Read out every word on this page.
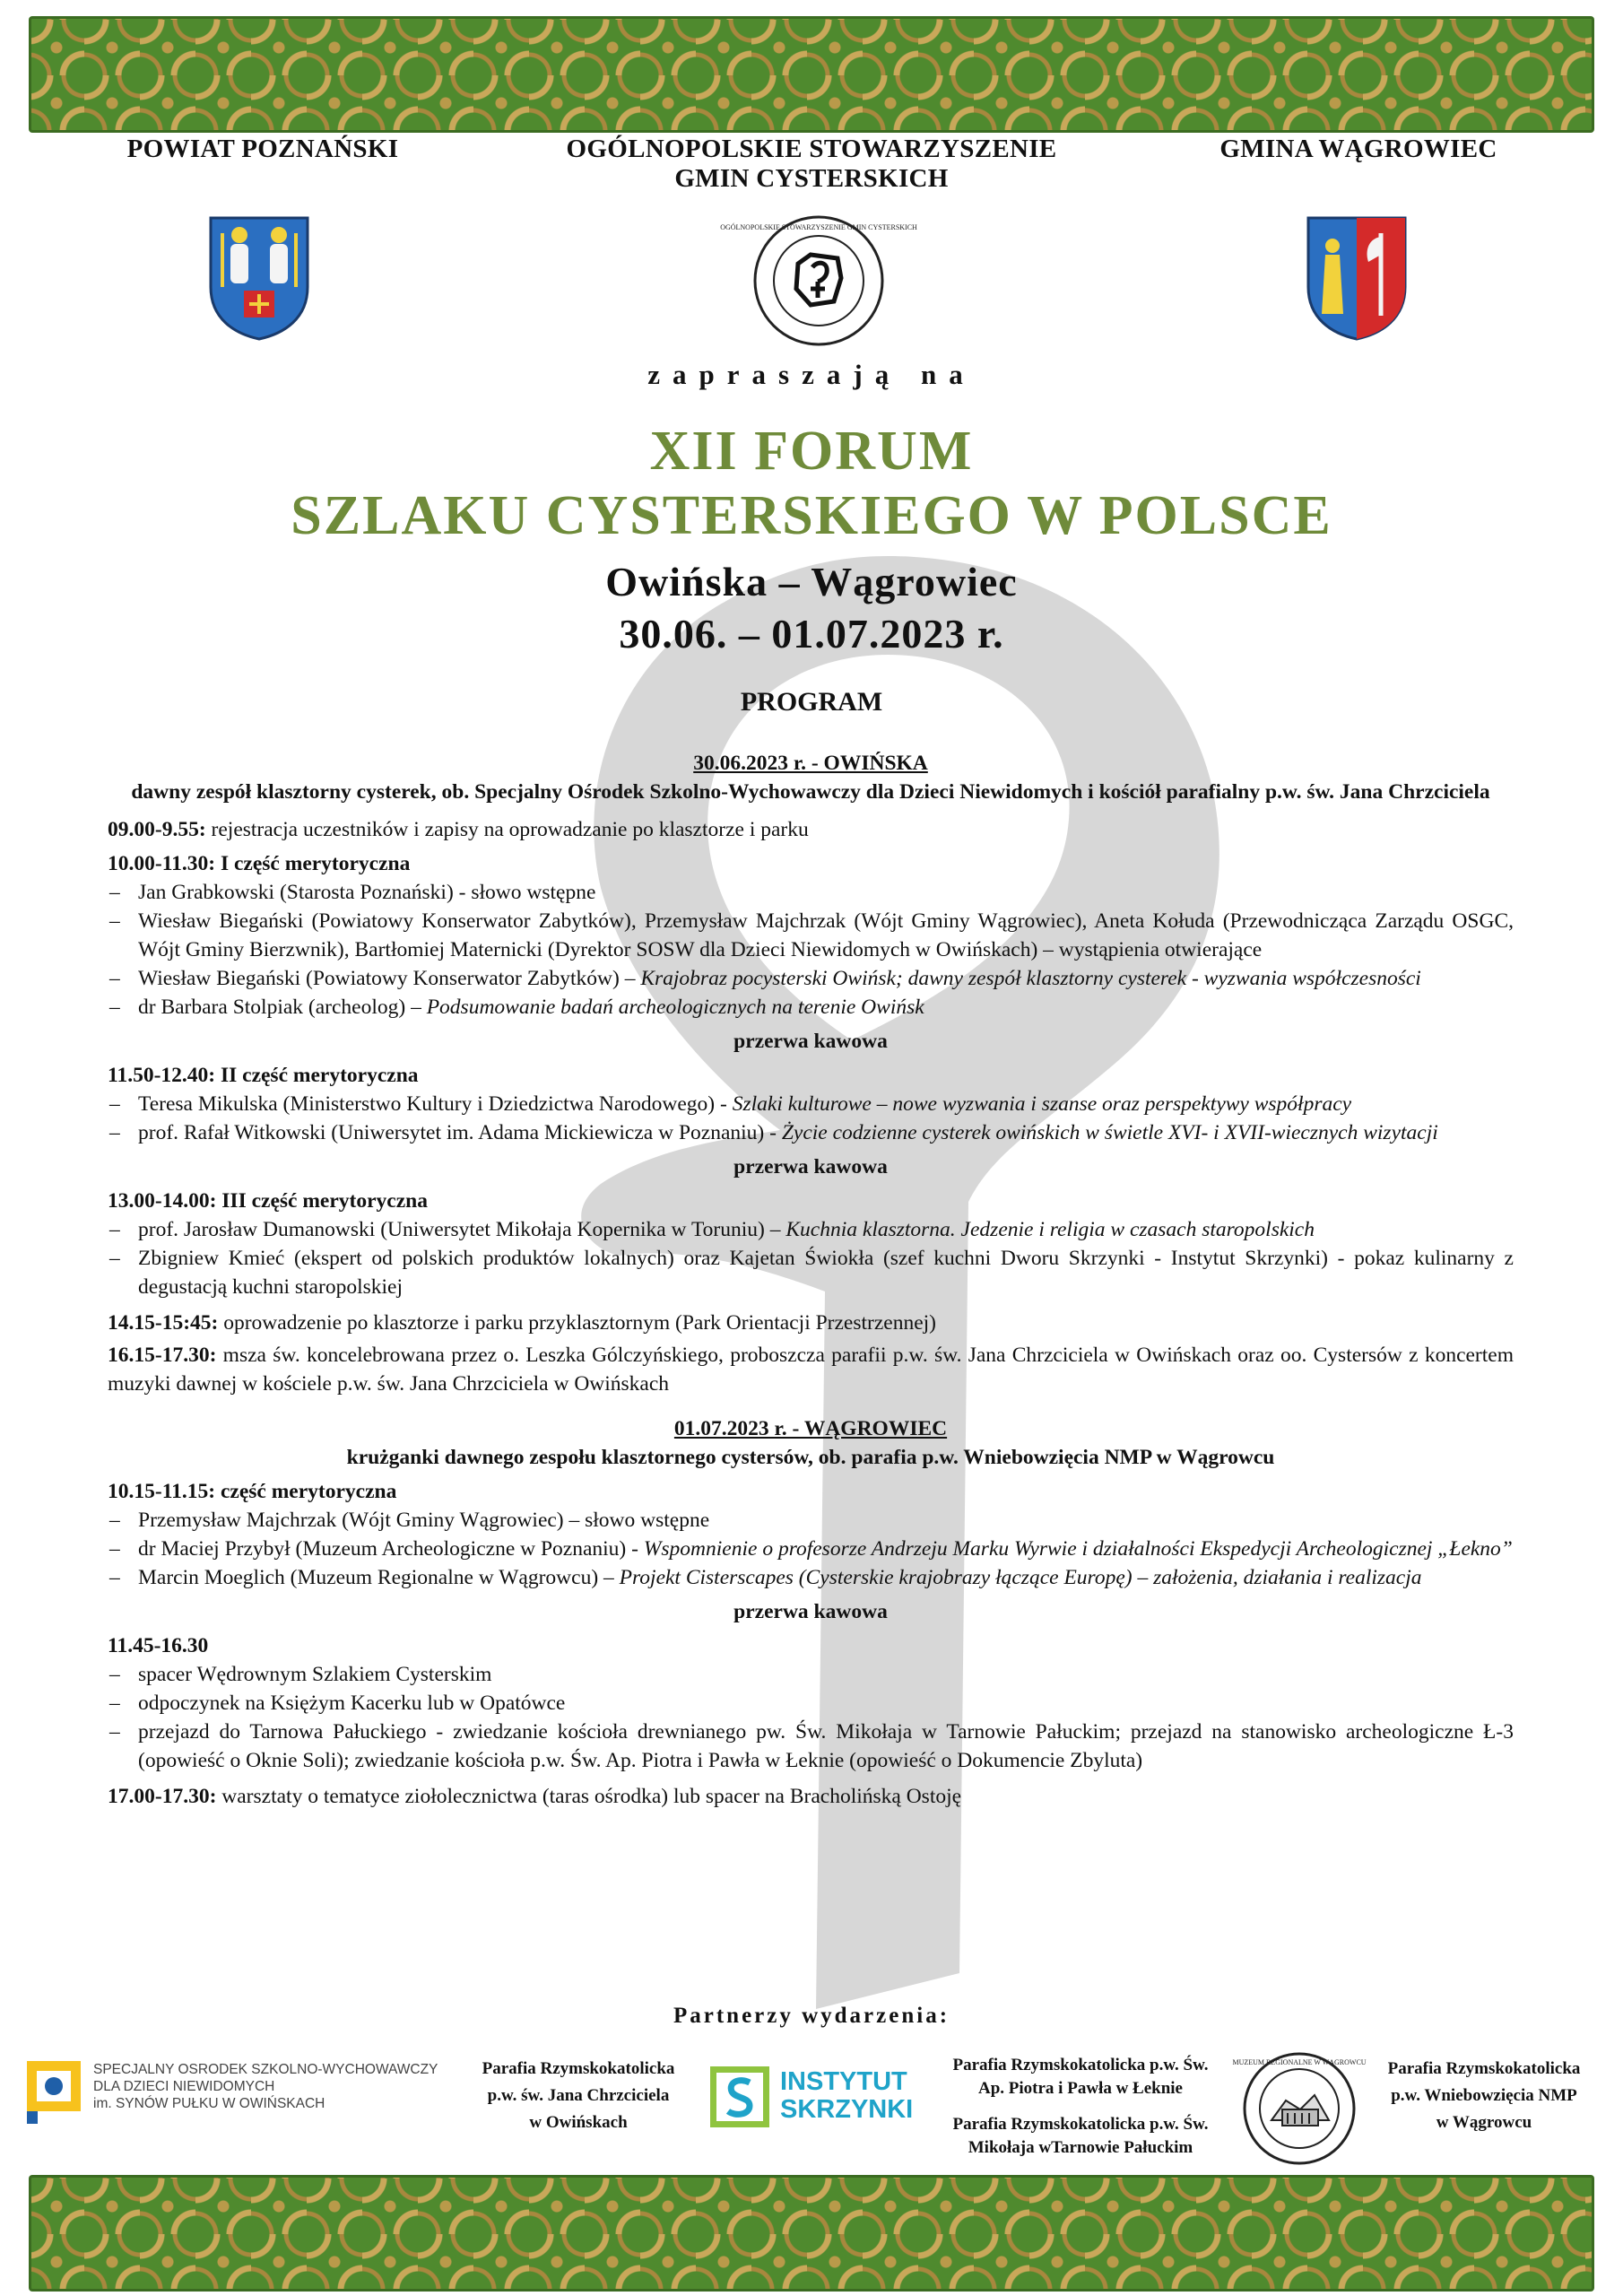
POWIAT POZNAŃSKI	OGÓLNOPOLSKIE STOWARZYSZENIE
GMIN CYSTERSKICH
GMINA WĄGROWIEC
OGÓLNOPOLSKIE STOWARZYSZENIE GMIN CYSTERSKICH
zapraszają na
XII FORUM
SZLAKU CYSTERSKIEGO W POLSCE
Owińska – Wągrowiec
30.06. – 01.07.2023 r.
PROGRAM
30.06.2023 r. - OWIŃSKA
dawny zespół klasztorny cysterek, ob. Specjalny Ośrodek Szkolno-Wychowawczy dla Dzieci Niewidomych i kościół parafialny p.w. św. Jana Chrzciciela
09.00-9.55: rejestracja uczestników i zapisy na oprowadzanie po klasztorze i parku
10.00-11.30: I część merytoryczna
– Jan Grabkowski (Starosta Poznański) - słowo wstępne
– Wiesław Biegański (Powiatowy Konserwator Zabytków), Przemysław Majchrzak (Wójt Gminy Wągrowiec), Aneta Kołuda (Przewodnicząca Zarządu OSGC, Wójt Gminy Bierzwnik), Bartłomiej Maternicki (Dyrektor SOSW dla Dzieci Niewidomych w Owińskach) – wystąpienia otwierające
– Wiesław Biegański (Powiatowy Konserwator Zabytków) – Krajobraz pocysterski Owińsk; dawny zespół klasztorny cysterek - wyzwania współczesności
– dr Barbara Stolpiak (archeolog) – Podsumowanie badań archeologicznych na terenie Owińsk
przerwa kawowa
11.50-12.40: II część merytoryczna
– Teresa Mikulska (Ministerstwo Kultury i Dziedzictwa Narodowego) - Szlaki kulturowe – nowe wyzwania i szanse oraz perspektywy współpracy
– prof. Rafał Witkowski (Uniwersytet im. Adama Mickiewicza w Poznaniu) - Życie codzienne cysterek owińskich w świetle XVI- i XVII-wiecznych wizytacji
przerwa kawowa
13.00-14.00: III część merytoryczna
– prof. Jarosław Dumanowski (Uniwersytet Mikołaja Kopernika w Toruniu) – Kuchnia klasztorna. Jedzenie i religia w czasach staropolskich
– Zbigniew Kmieć (ekspert od polskich produktów lokalnych) oraz Kajetan Świokła (szef kuchni Dworu Skrzynki - Instytut Skrzynki) - pokaz kulinarny z degustacją kuchni staropolskiej
14.15-15:45: oprowadzenie po klasztorze i parku przyklasztornym (Park Orientacji Przestrzennej)
16.15-17.30: msza św. koncelebrowana przez o. Leszka Gólczyńskiego, proboszcza parafii p.w. św. Jana Chrzciciela w Owińskach oraz oo. Cystersów z koncertem muzyki dawnej w kościele p.w. św. Jana Chrzciciela w Owińskach
01.07.2023 r. - WĄGROWIEC
krużganki dawnego zespołu klasztornego cystersów, ob. parafia p.w. Wniebowzięcia NMP w Wągrowcu
10.15-11.15: część merytoryczna
– Przemysław Majchrzak (Wójt Gminy Wągrowiec) – słowo wstępne
– dr Maciej Przybył (Muzeum Archeologiczne w Poznaniu) - Wspomnienie o profesorze Andrzeju Marku Wyrwie i działalności Ekspedycji Archeologicznej „Łekno”
– Marcin Moeglich (Muzeum Regionalne w Wągrowcu) – Projekt Cisterscapes (Cysterskie krajobrazy łączące Europę) – założenia, działania i realizacja
przerwa kawowa
11.45-16.30
– spacer Wędrownym Szlakiem Cysterskim
– odpoczynek na Księżym Kacerku lub w Opatówce
– przejazd do Tarnowa Pałuckiego - zwiedzanie kościoła drewnianego pw. Św. Mikołaja w Tarnowie Pałuckim; przejazd na stanowisko archeologiczne Ł-3 (opowieść o Oknie Soli); zwiedzanie kościoła p.w. Św. Ap. Piotra i Pawła w Łeknie (opowieść o Dokumencie Zbyluta)
17.00-17.30: warsztaty o tematyce ziołolecznictwa (taras ośrodka) lub spacer na Bracholińską Ostoję
Partnerzy wydarzenia:
SPECJALNY OSRODEK SZKOLNO-WYCHOWAWCZY
DLA DZIECI NIEWIDOMYCH
im. SYNÓW PUŁKU W OWIŃSKACH
Parafia Rzymskokatolicka
p.w. św. Jana Chrzciciela
w Owińskach
INSTYTUT
SKRZYNKI
Parafia Rzymskokatolicka p.w. Św.
Ap. Piotra i Pawła w Łeknie
Parafia Rzymskokatolicka p.w. Św.
Mikołaja wTarnowie Pałuckim
MUZEUM REGIONALNE W WĄGROWCU	Parafia Rzymskokatolicka
p.w. Wniebowzięcia NMP
w Wągrowcu
